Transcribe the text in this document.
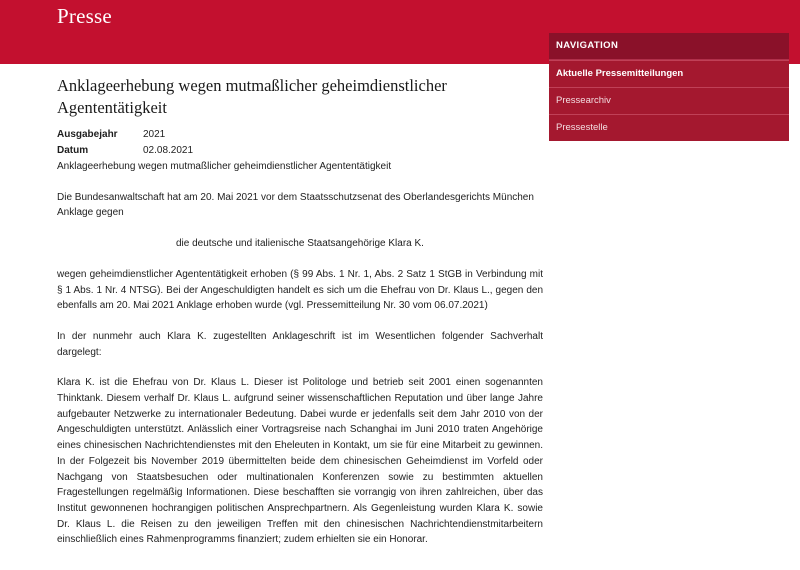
Presse
NAVIGATION
Aktuelle Pressemitteilungen
Pressearchiv
Pressestelle
Anklageerhebung wegen mutmaßlicher geheimdienstlicher Agententätigkeit
Ausgabejahr	2021
Datum	02.08.2021

Anklageerhebung wegen mutmaßlicher geheimdienstlicher Agententätigkeit

Die Bundesanwaltschaft hat am 20. Mai 2021 vor dem Staatsschutzsenat des Oberlandesgerichts München Anklage gegen

die deutsche und italienische Staatsangehörige Klara K.

wegen geheimdienstlicher Agententätigkeit erhoben (§ 99 Abs. 1 Nr. 1, Abs. 2 Satz 1 StGB in Verbindung mit § 1 Abs. 1 Nr. 4 NTSG). Bei der Angeschuldigten handelt es sich um die Ehefrau von Dr. Klaus L., gegen den ebenfalls am 20. Mai 2021 Anklage erhoben wurde (vgl. Pressemitteilung Nr. 30 vom 06.07.2021)

In der nunmehr auch Klara K. zugestellten Anklageschrift ist im Wesentlichen folgender Sachverhalt dargelegt:

Klara K. ist die Ehefrau von Dr. Klaus L. Dieser ist Politologe und betrieb seit 2001 einen sogenannten Thinktank. Diesem verhalf Dr. Klaus L. aufgrund seiner wissenschaftlichen Reputation und über lange Jahre aufgebauter Netzwerke zu internationaler Bedeutung. Dabei wurde er jedenfalls seit dem Jahr 2010 von der Angeschuldigten unterstützt. Anlässlich einer Vortragsreise nach Schanghai im Juni 2010 traten Angehörige eines chinesischen Nachrichtendienstes mit den Eheleuten in Kontakt, um sie für eine Mitarbeit zu gewinnen. In der Folgezeit bis November 2019 übermittelten beide dem chinesischen Geheimdienst im Vorfeld oder Nachgang von Staatsbesuchen oder multinationalen Konferenzen sowie zu bestimmten aktuellen Fragestellungen regelmäßig Informationen. Diese beschafften sie vorrangig von ihren zahlreichen, über das Institut gewonnenen hochrangigen politischen Ansprechpartnern. Als Gegenleistung wurden Klara K. sowie Dr. Klaus L. die Reisen zu den jeweiligen Treffen mit den chinesischen Nachrichtendienstmitarbeitern einschließlich eines Rahmenprogramms finanziert; zudem erhielten sie ein Honorar.
